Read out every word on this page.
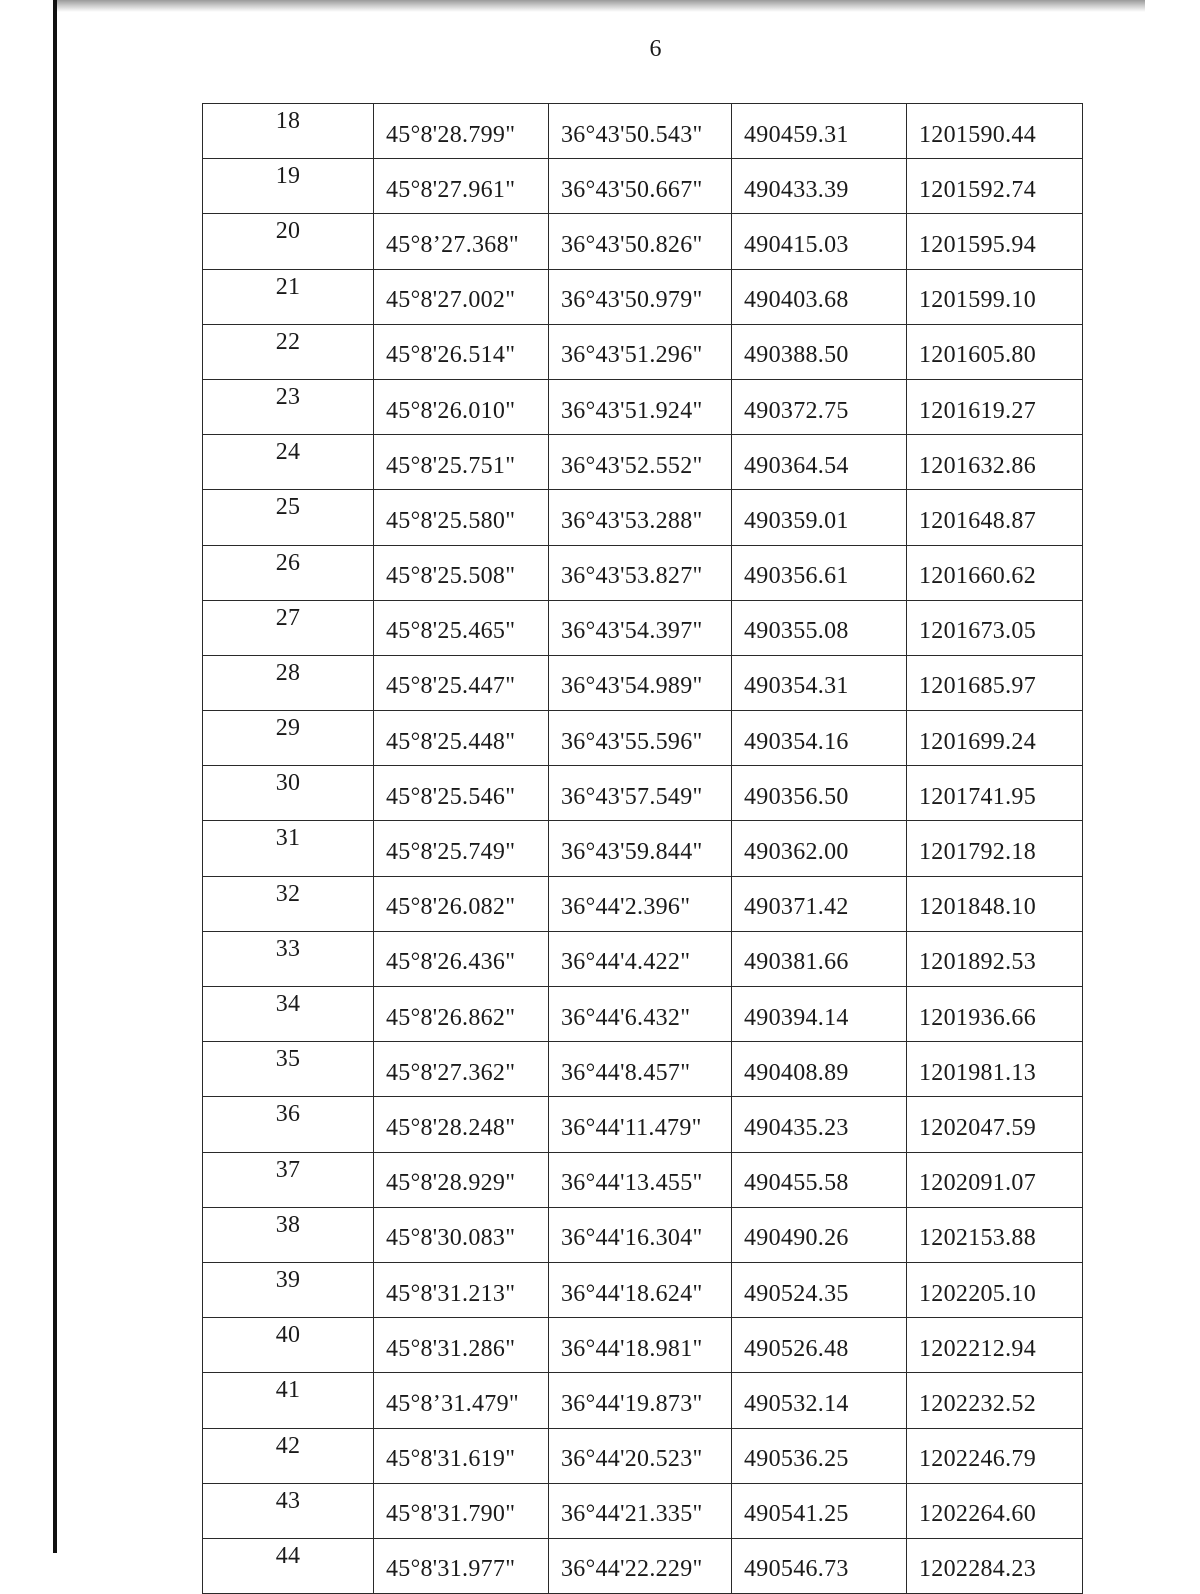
6
18	45°8'28.799"	36°43'50.543"	490459.31	1201590.44
19	45°8'27.961"	36°43'50.667"	490433.39	1201592.74
20	45°8’27.368"	36°43'50.826"	490415.03	1201595.94
21	45°8'27.002"	36°43'50.979"	490403.68	1201599.10
22	45°8'26.514"	36°43'51.296"	490388.50	1201605.80
23	45°8'26.010"	36°43'51.924"	490372.75	1201619.27
24	45°8'25.751"	36°43'52.552"	490364.54	1201632.86
25	45°8'25.580"	36°43'53.288"	490359.01	1201648.87
26	45°8'25.508"	36°43'53.827"	490356.61	1201660.62
27	45°8'25.465"	36°43'54.397"	490355.08	1201673.05
28	45°8'25.447"	36°43'54.989"	490354.31	1201685.97
29	45°8'25.448"	36°43'55.596"	490354.16	1201699.24
30	45°8'25.546"	36°43'57.549"	490356.50	1201741.95
31	45°8'25.749"	36°43'59.844"	490362.00	1201792.18
32	45°8'26.082"	36°44'2.396"	490371.42	1201848.10
33	45°8'26.436"	36°44'4.422"	490381.66	1201892.53
34	45°8'26.862"	36°44'6.432"	490394.14	1201936.66
35	45°8'27.362"	36°44'8.457"	490408.89	1201981.13
36	45°8'28.248"	36°44'11.479"	490435.23	1202047.59
37	45°8'28.929"	36°44'13.455"	490455.58	1202091.07
38	45°8'30.083"	36°44'16.304"	490490.26	1202153.88
39	45°8'31.213"	36°44'18.624"	490524.35	1202205.10
40	45°8'31.286"	36°44'18.981"	490526.48	1202212.94
41	45°8’31.479"	36°44'19.873"	490532.14	1202232.52
42	45°8'31.619"	36°44'20.523"	490536.25	1202246.79
43	45°8'31.790"	36°44'21.335"	490541.25	1202264.60
44	45°8'31.977"	36°44'22.229"	490546.73	1202284.23
